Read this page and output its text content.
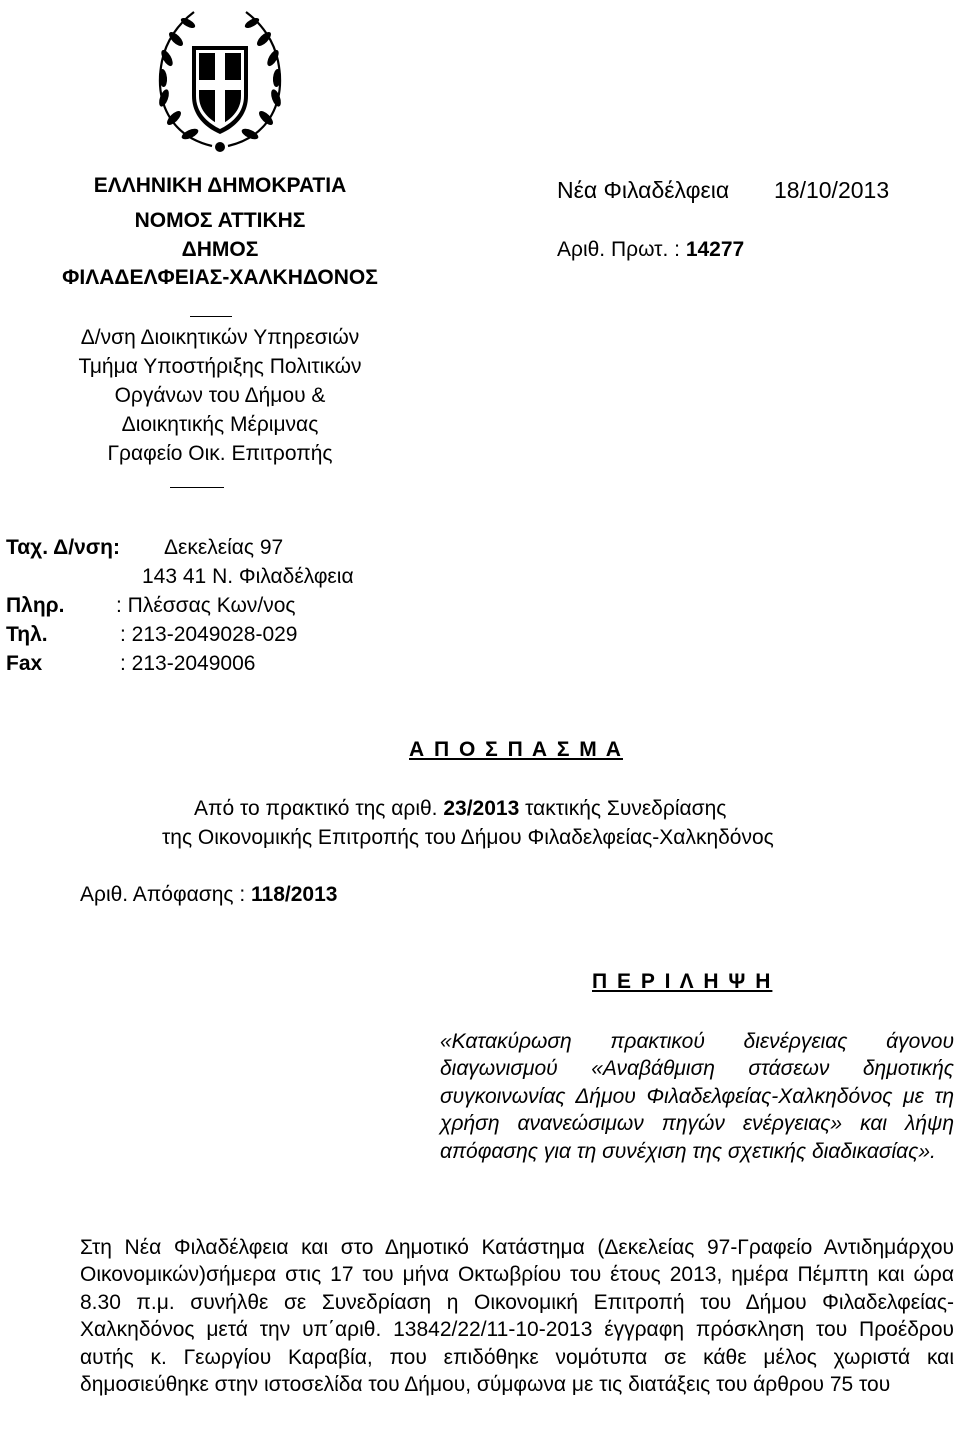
ΕΛΛΗΝΙΚΗ ΔΗΜΟΚΡΑΤΙΑ
ΝΟΜΟΣ ΑΤΤΙΚΗΣ
ΔΗΜΟΣ
ΦΙΛΑΔΕΛΦΕΙΑΣ-ΧΑΛΚΗΔΟΝΟΣ
Δ/νση Διοικητικών Υπηρεσιών
Τμήμα Υποστήριξης Πολιτικών
Οργάνων του Δήμου &
Διοικητικής Μέριμνας
Γραφείο Οικ. Επιτροπής
Νέα Φιλαδέλφεια 18/10/2013
Αριθ. Πρωτ. : 14277
Ταχ. Δ/νση: Δεκελείας 97
143 41 Ν. Φιλαδέλφεια
Πληρ. : Πλέσσας Κων/νος
Τηλ.	: 213-2049028-029
Fax	: 213-2049006
Α Π Ο Σ Π Α Σ Μ Α
Από το πρακτικό της αριθ. 23/2013 τακτικής Συνεδρίασης
της Οικονομικής Επιτροπής του Δήμου Φιλαδελφείας-Χαλκηδόνος
Αριθ. Απόφασης : 118/2013
Π Ε Ρ Ι Λ Η Ψ Η
«Κατακύρωση πρακτικού διενέργειας άγονου διαγωνισμού «Αναβάθμιση στάσεων δημοτικής συγκοινωνίας Δήμου Φιλαδελφείας-Χαλκηδόνος με τη χρήση ανανεώσιμων πηγών ενέργειας» και λήψη απόφασης για τη συνέχιση της σχετικής διαδικασίας».
Στη Νέα Φιλαδέλφεια και στο Δημοτικό Κατάστημα (Δεκελείας 97-Γραφείο Αντιδημάρχου Οικονομικών)σήμερα στις 17 του μήνα Οκτωβρίου του έτους 2013, ημέρα Πέμπτη και ώρα 8.30 π.μ. συνήλθε σε Συνεδρίαση η Οικονομική Επιτροπή του Δήμου Φιλαδελφείας-Χαλκηδόνος μετά την υπ΄αριθ. 13842/22/11-10-2013 έγγραφη πρόσκληση του Προέδρου αυτής κ. Γεωργίου Καραβία, που επιδόθηκε νομότυπα σε κάθε μέλος χωριστά και δημοσιεύθηκε στην ιστοσελίδα του Δήμου, σύμφωνα με τις διατάξεις του άρθρου 75 του
